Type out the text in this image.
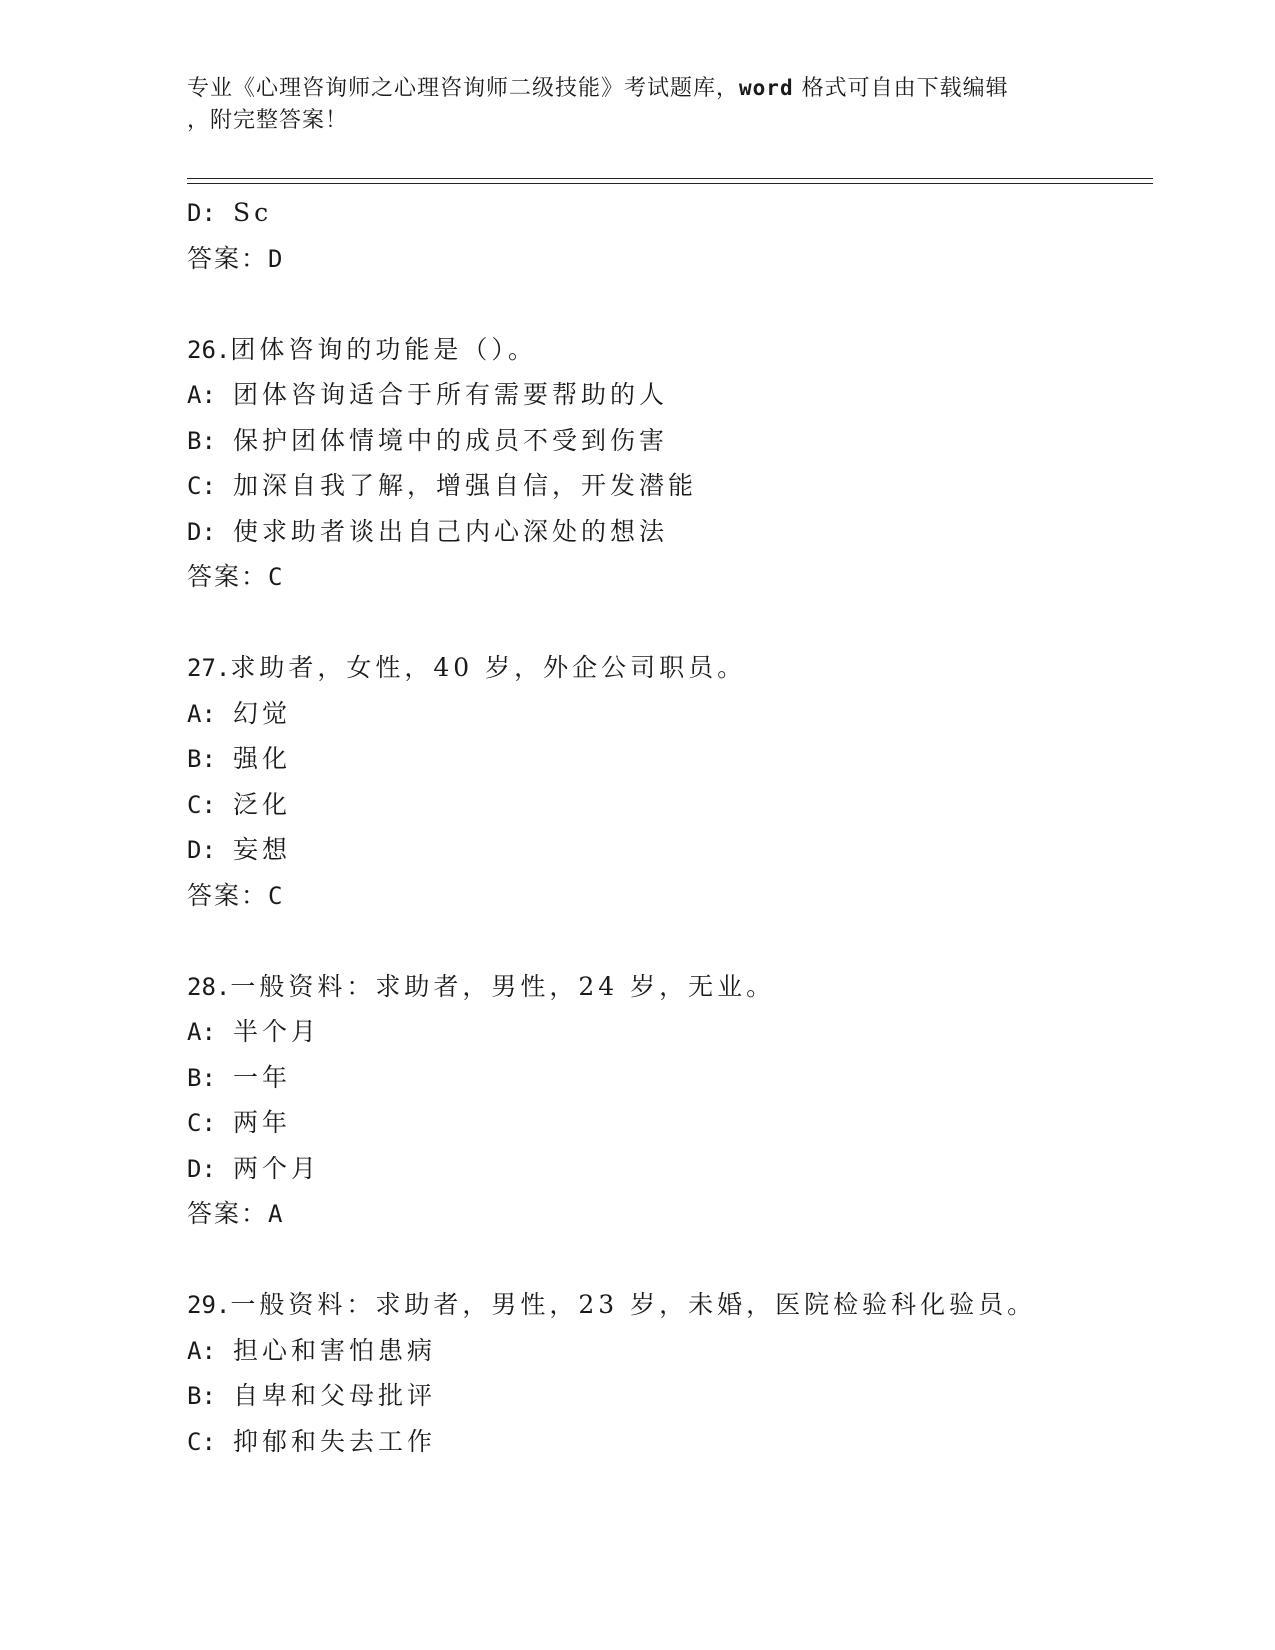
专业《心理咨询师之心理咨询师二级技能》考试题库，word 格式可自由下载编辑
，附完整答案！
D: Sc
答案：D
26.团体咨询的功能是（）。
A: 团体咨询适合于所有需要帮助的人
B: 保护团体情境中的成员不受到伤害
C: 加深自我了解，增强自信，开发潜能
D: 使求助者谈出自己内心深处的想法
答案：C
27.求助者，女性，40 岁，外企公司职员。
A: 幻觉
B: 强化
C: 泛化
D: 妄想
答案：C
28.一般资料：求助者，男性，24 岁，无业。
A: 半个月
B: 一年
C: 两年
D: 两个月
答案：A
29.一般资料：求助者，男性，23 岁，未婚，医院检验科化验员。
A: 担心和害怕患病
B: 自卑和父母批评
C: 抑郁和失去工作
